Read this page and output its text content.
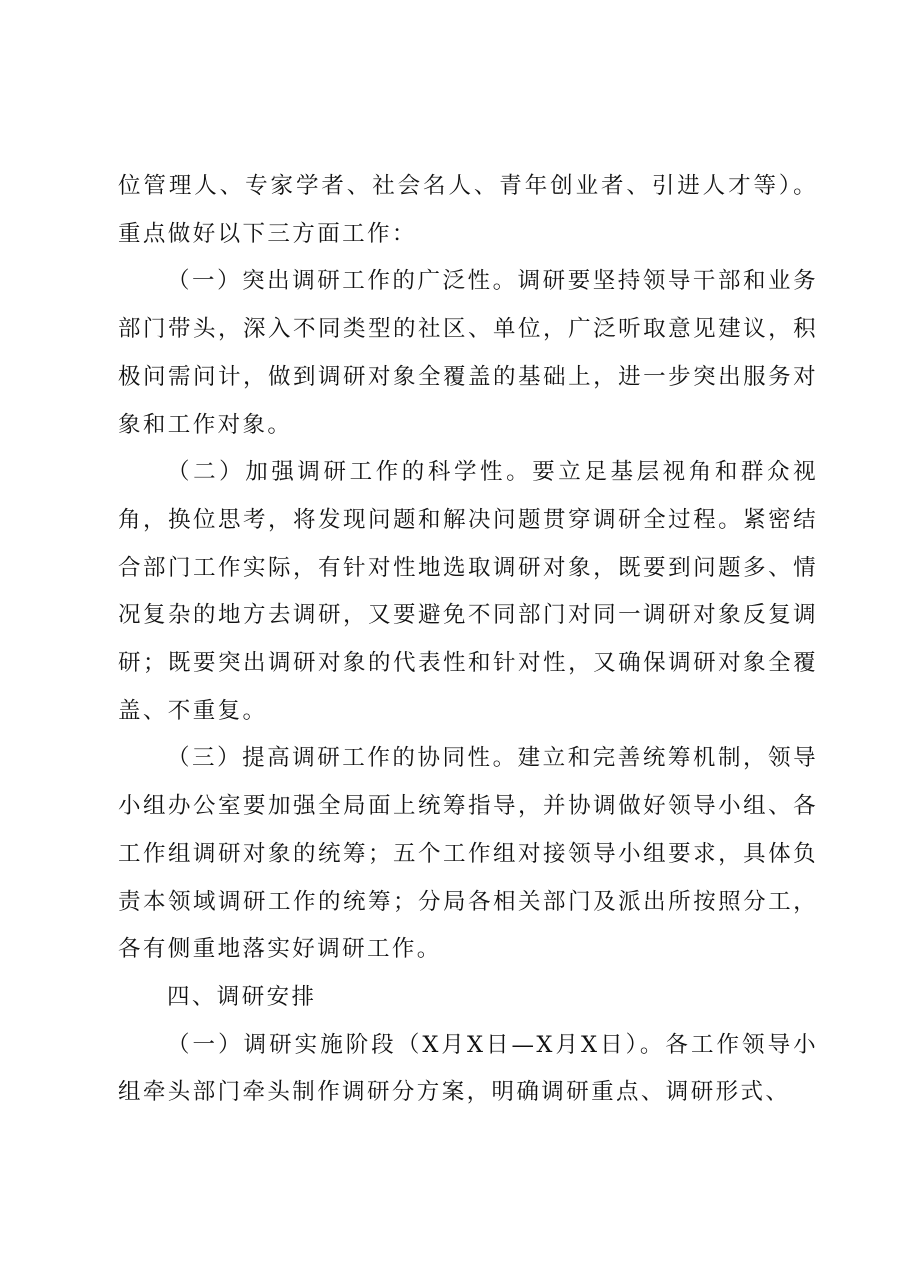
位管理人、专家学者、社会名人、青年创业者、引进人才等）。重点做好以下三方面工作：

（一）突出调研工作的广泛性。调研要坚持领导干部和业务部门带头，深入不同类型的社区、单位，广泛听取意见建议，积极问需问计，做到调研对象全覆盖的基础上，进一步突出服务对象和工作对象。

（二）加强调研工作的科学性。要立足基层视角和群众视角，换位思考，将发现问题和解决问题贯穿调研全过程。紧密结合部门工作实际，有针对性地选取调研对象，既要到问题多、情况复杂的地方去调研，又要避免不同部门对同一调研对象反复调研；既要突出调研对象的代表性和针对性，又确保调研对象全覆盖、不重复。

（三）提高调研工作的协同性。建立和完善统筹机制，领导小组办公室要加强全局面上统筹指导，并协调做好领导小组、各工作组调研对象的统筹；五个工作组对接领导小组要求，具体负责本领域调研工作的统筹；分局各相关部门及派出所按照分工，各有侧重地落实好调研工作。

四、调研安排

（一）调研实施阶段（X月X日—X月X日）。各工作领导小组牵头部门牵头制作调研分方案，明确调研重点、调研形式、
